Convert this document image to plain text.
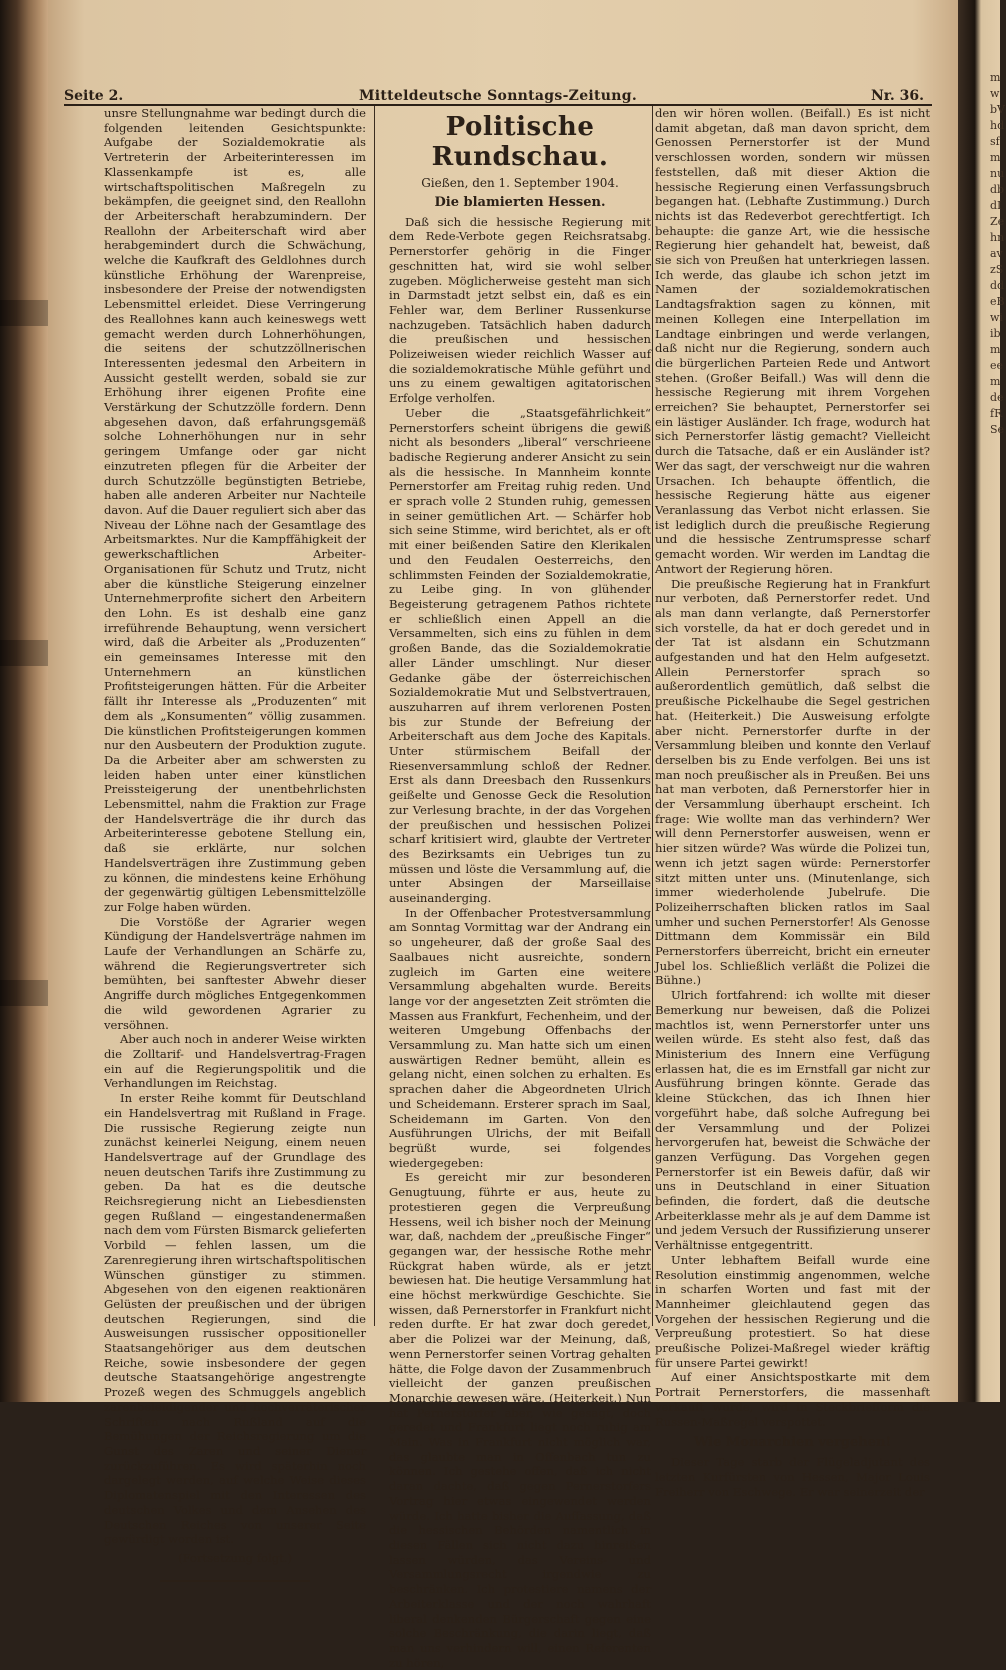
mwbVhdsfmnudbdIZehnavzSddeBwiibmeemdefRSe
Seite 2.	Mitteldeutsche Sonntags-Zeitung.	Nr. 36.

unsre Stellungnahme war bedingt durch die folgenden leitenden Gesichtspunkte: Aufgabe der Sozialdemokratie als Vertreterin der Arbeiterinteressen im Klassenkampfe ist es, alle wirtschaftspolitischen Maßregeln zu bekämpfen, die geeignet sind, den Reallohn der Arbeiterschaft herabzumindern. Der Reallohn der Arbeiterschaft wird aber herabgemindert durch die Schwächung, welche die Kaufkraft des Geldlohnes durch künstliche Erhöhung der Warenpreise, insbesondere der Preise der notwendigsten Lebensmittel erleidet. Diese Verringerung des Reallohnes kann auch keineswegs wett gemacht werden durch Lohnerhöhungen, die seitens der schutzzöllnerischen Interessenten jedesmal den Arbeitern in Aussicht gestellt werden, sobald sie zur Erhöhung ihrer eigenen Profite eine Verstärkung der Schutzzölle fordern. Denn abgesehen davon, daß erfahrungsgemäß solche Lohnerhöhungen nur in sehr geringem Umfange oder gar nicht einzutreten pflegen für die Arbeiter der durch Schutzzölle begünstigten Betriebe, haben alle anderen Arbeiter nur Nachteile davon. Auf die Dauer reguliert sich aber das Niveau der Löhne nach der Gesamtlage des Arbeitsmarktes. Nur die Kampffähigkeit der gewerkschaftlichen Arbeiter-Organisationen für Schutz und Trutz, nicht aber die künstliche Steigerung einzelner Unternehmerprofite sichert den Arbeitern den Lohn. Es ist deshalb eine ganz irreführende Behauptung, wenn versichert wird, daß die Arbeiter als „Produzenten“ ein gemeinsames Interesse mit den Unternehmern an künstlichen Profitsteigerungen hätten. Für die Arbeiter fällt ihr Interesse als „Produzenten“ mit dem als „Konsumenten“ völlig zusammen. Die künstlichen Profitsteigerungen kommen nur den Ausbeutern der Produktion zugute. Da die Arbeiter aber am schwersten zu leiden haben unter einer künstlichen Preissteigerung der unentbehrlichsten Lebensmittel, nahm die Fraktion zur Frage der Handelsverträge die ihr durch das Arbeiterinteresse gebotene Stellung ein, daß sie erklärte, nur solchen Handelsverträgen ihre Zustimmung geben zu können, die mindestens keine Erhöhung der gegenwärtig gültigen Lebensmittelzölle zur Folge haben würden.

Die Vorstöße der Agrarier wegen Kündigung der Handelsverträge nahmen im Laufe der Verhandlungen an Schärfe zu, während die Regierungsvertreter sich bemühten, bei sanftester Abwehr dieser Angriffe durch mögliches Entgegenkommen die wild gewordenen Agrarier zu versöhnen.

Aber auch noch in anderer Weise wirkten die Zolltarif- und Handelsvertrag-Fragen ein auf die Regierungspolitik und die Verhandlungen im Reichstag.

In erster Reihe kommt für Deutschland ein Handelsvertrag mit Rußland in Frage. Die russische Regierung zeigte nun zunächst keinerlei Neigung, einem neuen Handelsvertrage auf der Grundlage des neuen deutschen Tarifs ihre Zustimmung zu geben. Da hat es die deutsche Reichsregierung nicht an Liebesdiensten gegen Rußland — eingestandenermaßen nach dem vom Fürsten Bismarck gelieferten Vorbild — fehlen lassen, um die Zarenregierung ihren wirtschaftspolitischen Wünschen günstiger zu stimmen. Abgesehen von den eigenen reaktionären Gelüsten der preußischen und der übrigen deutschen Regierungen, sind die Ausweisungen russischer oppositioneller Staatsangehöriger aus dem deutschen Reiche, sowie insbesondere der gegen deutsche Staatsangehörige angestrengte Prozeß wegen des Schmuggels angeblich zarenbeleidigender und hochverräterischer Schriften nach Rußland auf die Bemühungen der Reichsregierung um die Gunst des Zaren und seiner Diener zurückzuführen. Es wird späterhin noch dargelegt werden, auf welche Weise dieses Diplomatenspiel mit den Interessen des deutschen Volkes und dem Ansehen des Deutschen Reiches von unserer Seite gewürdigt worden ist.

(Fortsetzung folgt.)
Politische Rundschau.
Gießen, den 1. September 1904.
Die blamierten Hessen.

Daß sich die hessische Regierung mit dem Rede-Verbote gegen Reichsratsabg. Pernerstorfer gehörig in die Finger geschnitten hat, wird sie wohl selber zugeben. Möglicherweise gesteht man sich in Darmstadt jetzt selbst ein, daß es ein Fehler war, dem Berliner Russenkurse nachzugeben. Tatsächlich haben dadurch die preußischen und hessischen Polizeiweisen wieder reichlich Wasser auf die sozialdemokratische Mühle geführt und uns zu einem gewaltigen agitatorischen Erfolge verholfen.

Ueber die „Staatsgefährlichkeit“ Pernerstorfers scheint übrigens die gewiß nicht als besonders „liberal“ verschrieene badische Regierung anderer Ansicht zu sein als die hessische. In Mannheim konnte Pernerstorfer am Freitag ruhig reden. Und er sprach volle 2 Stunden ruhig, gemessen in seiner gemütlichen Art. — Schärfer hob sich seine Stimme, wird berichtet, als er oft mit einer beißenden Satire den Klerikalen und den Feudalen Oesterreichs, den schlimmsten Feinden der Sozialdemokratie, zu Leibe ging. In von glühender Begeisterung getragenem Pathos richtete er schließlich einen Appell an die Versammelten, sich eins zu fühlen in dem großen Bande, das die Sozialdemokratie aller Länder umschlingt. Nur dieser Gedanke gäbe der österreichischen Sozialdemokratie Mut und Selbstvertrauen, auszuharren auf ihrem verlorenen Posten bis zur Stunde der Befreiung der Arbeiterschaft aus dem Joche des Kapitals. Unter stürmischem Beifall der Riesenversammlung schloß der Redner. Erst als dann Dreesbach den Russenkurs geißelte und Genosse Geck die Resolution zur Verlesung brachte, in der das Vorgehen der preußischen und hessischen Polizei scharf kritisiert wird, glaubte der Vertreter des Bezirksamts ein Uebriges tun zu müssen und löste die Versammlung auf, die unter Absingen der Marseillaise auseinanderging.

In der Offenbacher Protestversammlung am Sonntag Vormittag war der Andrang ein so ungeheurer, daß der große Saal des Saalbaues nicht ausreichte, sondern zugleich im Garten eine weitere Versammlung abgehalten wurde. Bereits lange vor der angesetzten Zeit strömten die Massen aus Frankfurt, Fechenheim, und der weiteren Umgebung Offenbachs der Versammlung zu. Man hatte sich um einen auswärtigen Redner bemüht, allein es gelang nicht, einen solchen zu erhalten. Es sprachen daher die Abgeordneten Ulrich und Scheidemann. Ersterer sprach im Saal, Scheidemann im Garten. Von den Ausführungen Ulrichs, der mit Beifall begrüßt wurde, sei folgendes wiedergegeben:

Es gereicht mir zur besonderen Genugtuung, führte er aus, heute zu protestieren gegen die Verpreußung Hessens, weil ich bisher noch der Meinung war, daß, nachdem der „preußische Finger“ gegangen war, der hessische Rothe mehr Rückgrat haben würde, als er jetzt bewiesen hat. Die heutige Versammlung hat eine höchst merkwürdige Geschichte. Sie wissen, daß Pernerstorfer in Frankfurt nicht reden durfte. Er hat zwar doch geredet, aber die Polizei war der Meinung, daß, wenn Pernerstorfer seinen Vortrag gehalten hätte, die Folge davon der Zusammenbruch vielleicht der ganzen preußischen Monarchie gewesen wäre. (Heiterkeit.) Nun hat Pernerstorfer aber, wie gesagt, doch geredet und Frankfurt liegt noch ruhig am Main. Was in Frankfurt nicht möglich war, das glaubte man in Offenbach tun zu können. Ich gestehe offen, daß ich nicht daran dachte, daß gegen Pernerstorfers Vortrag hier etwas eingewendet werden würde. Ich hatte bisher die Auffassung, daß die hessischen Behörden namentlich in diesen Fällen sich nicht dazu hinreißen lassen würden, das Vereins- und Versammlungsrecht irgendwie zu beschränken. Ich protestiere namens der Arbeiterklasse und der noch wahrhaft liberal denkenden Bürgerschaft gegen eine solche Beschränkung, die darin liegt, daß man uns verhindern will, einen Referenten zu hören,

den wir hören wollen. (Beifall.) Es ist nicht damit abgetan, daß man davon spricht, dem Genossen Pernerstorfer ist der Mund verschlossen worden, sondern wir müssen feststellen, daß mit dieser Aktion die hessische Regierung einen Verfassungsbruch begangen hat. (Lebhafte Zustimmung.) Durch nichts ist das Redeverbot gerechtfertigt. Ich behaupte: die ganze Art, wie die hessische Regierung hier gehandelt hat, beweist, daß sie sich von Preußen hat unterkriegen lassen. Ich werde, das glaube ich schon jetzt im Namen der sozialdemokratischen Landtagsfraktion sagen zu können, mit meinen Kollegen eine Interpellation im Landtage einbringen und werde verlangen, daß nicht nur die Regierung, sondern auch die bürgerlichen Parteien Rede und Antwort stehen. (Großer Beifall.) Was will denn die hessische Regierung mit ihrem Vorgehen erreichen? Sie behauptet, Pernerstorfer sei ein lästiger Ausländer. Ich frage, wodurch hat sich Pernerstorfer lästig gemacht? Vielleicht durch die Tatsache, daß er ein Ausländer ist? Wer das sagt, der verschweigt nur die wahren Ursachen. Ich behaupte öffentlich, die hessische Regierung hätte aus eigener Veranlassung das Verbot nicht erlassen. Sie ist lediglich durch die preußische Regierung und die hessische Zentrumspresse scharf gemacht worden. Wir werden im Landtag die Antwort der Regierung hören.

Die preußische Regierung hat in Frankfurt nur verboten, daß Pernerstorfer redet. Und als man dann verlangte, daß Pernerstorfer sich vorstelle, da hat er doch geredet und in der Tat ist alsdann ein Schutzmann aufgestanden und hat den Helm aufgesetzt. Allein Pernerstorfer sprach so außerordentlich gemütlich, daß selbst die preußische Pickelhaube die Segel gestrichen hat. (Heiterkeit.) Die Ausweisung erfolgte aber nicht. Pernerstorfer durfte in der Versammlung bleiben und konnte den Verlauf derselben bis zu Ende verfolgen. Bei uns ist man noch preußischer als in Preußen. Bei uns hat man verboten, daß Pernerstorfer hier in der Versammlung überhaupt erscheint. Ich frage: Wie wollte man das verhindern? Wer will denn Pernerstorfer ausweisen, wenn er hier sitzen würde? Was würde die Polizei tun, wenn ich jetzt sagen würde: Pernerstorfer sitzt mitten unter uns. (Minutenlange, sich immer wiederholende Jubelrufe. Die Polizeiherrschaften blicken ratlos im Saal umher und suchen Pernerstorfer! Als Genosse Dittmann dem Kommissär ein Bild Pernerstorfers überreicht, bricht ein erneuter Jubel los. Schließlich verläßt die Polizei die Bühne.)

Ulrich fortfahrend: ich wollte mit dieser Bemerkung nur beweisen, daß die Polizei machtlos ist, wenn Pernerstorfer unter uns weilen würde. Es steht also fest, daß das Ministerium des Innern eine Verfügung erlassen hat, die es im Ernstfall gar nicht zur Ausführung bringen könnte. Gerade das kleine Stückchen, das ich Ihnen hier vorgeführt habe, daß solche Aufregung bei der Versammlung und der Polizei hervorgerufen hat, beweist die Schwäche der ganzen Verfügung. Das Vorgehen gegen Pernerstorfer ist ein Beweis dafür, daß wir uns in Deutschland in einer Situation befinden, die fordert, daß die deutsche Arbeiterklasse mehr als je auf dem Damme ist und jedem Versuch der Russifizierung unserer Verhältnisse entgegentritt.

Unter lebhaftem Beifall wurde eine Resolution einstimmig angenommen, welche in scharfen Worten und fast mit der Mannheimer gleichlautend gegen das Vorgehen der hessischen Regierung und die Verpreußung protestiert. So hat diese preußische Polizei-Maßregel wieder kräftig für unsere Partei gewirkt!

Auf einer Ansichtspostkarte mit dem Portrait Pernerstorfers, die massenhaft verkauft wurde, wird in Steckbriefform die Russen-Maßregel verspottet.

Wie Monarchien vergehen!

Dieser Tage starb der Flügeladjutant des letzten Kurfürsten von Hessen, Major Louis Freiherr von Eschwege. Er war seinerzeit der
